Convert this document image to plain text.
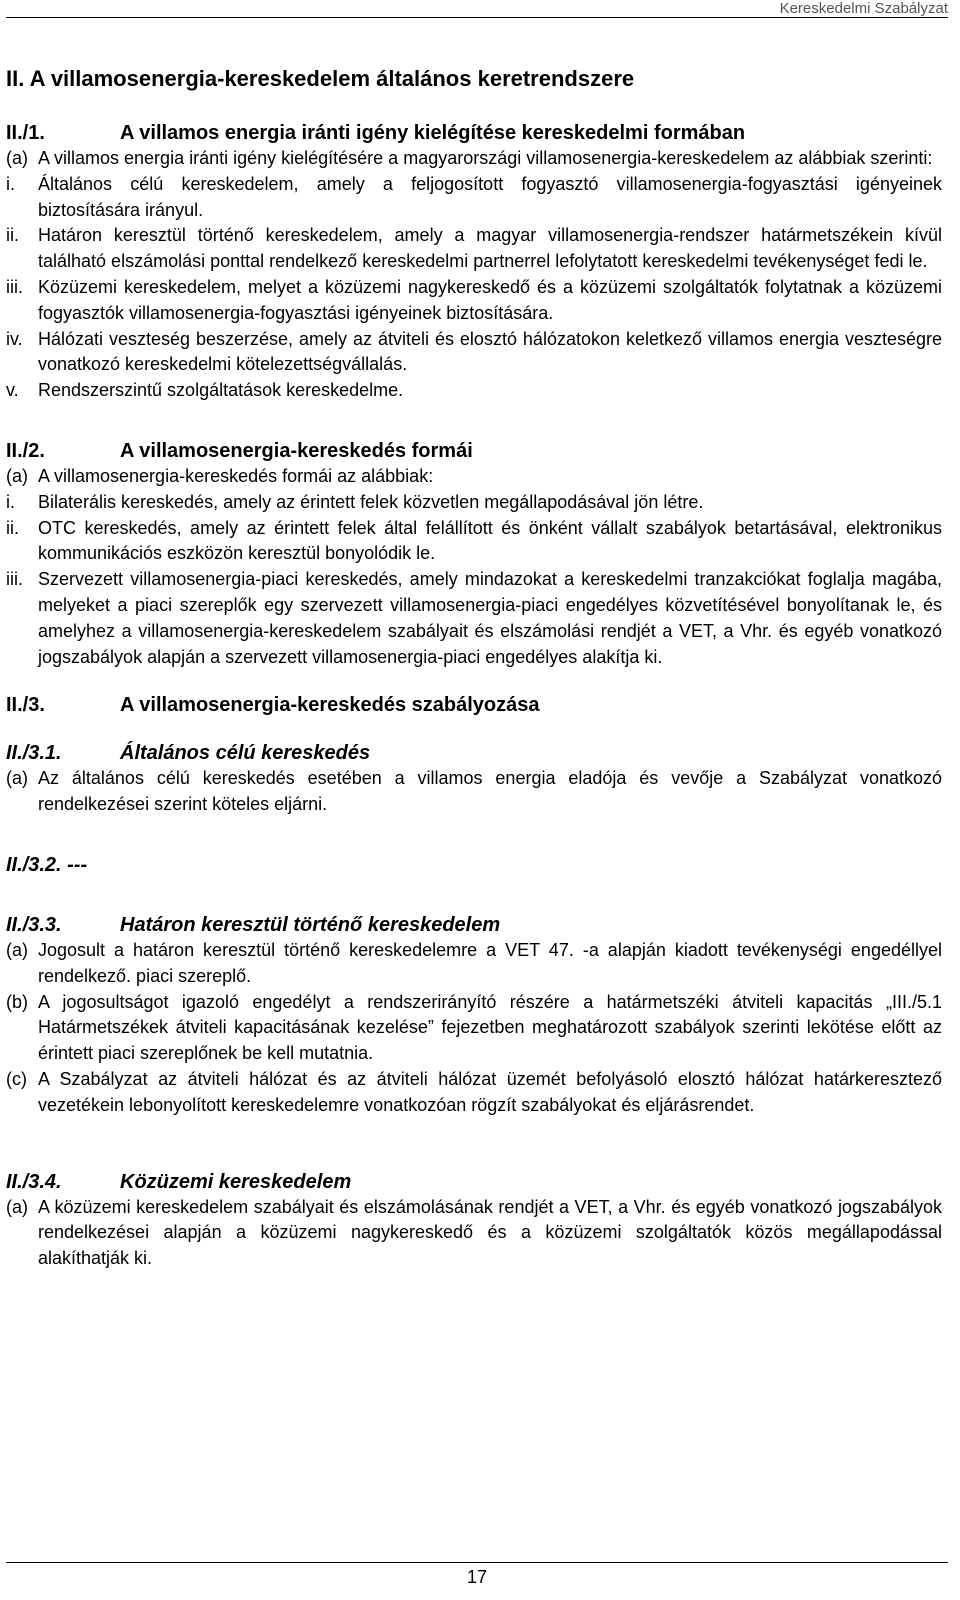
Kereskedelmi Szabályzat
II. A villamosenergia-kereskedelem általános keretrendszere
II./1.	A villamos energia iránti igény kielégítése kereskedelmi formában
(a) A villamos energia iránti igény kielégítésére a magyarországi villamosenergia-kereskedelem az alábbiak szerinti:
i.	Általános célú kereskedelem, amely a feljogosított fogyasztó villamosenergia-fogyasztási igényeinek biztosítására irányul.
ii.	Határon keresztül történő kereskedelem, amely a magyar villamosenergia-rendszer határmetszékein kívül található elszámolási ponttal rendelkező kereskedelmi partnerrel lefolytatott kereskedelmi tevékenységet fedi le.
iii. Közüzemi kereskedelem, melyet a közüzemi nagykereskedő és a közüzemi szolgáltatók folytatnak a közüzemi fogyasztók villamosenergia-fogyasztási igényeinek biztosítására.
iv. Hálózati veszteség beszerzése, amely az átviteli és elosztó hálózatokon keletkező villamos energia veszteségre vonatkozó kereskedelmi kötelezettségvállalás.
v.	Rendszerszintű szolgáltatások kereskedelme.
II./2.	A villamosenergia-kereskedés formái
(a) A villamosenergia-kereskedés formái az alábbiak:
i.	Bilaterális kereskedés, amely az érintett felek közvetlen megállapodásával jön létre.
ii.	OTC kereskedés, amely az érintett felek által felállított és önként vállalt szabályok betartásával, elektronikus kommunikációs eszközön keresztül bonyolódik le.
iii. Szervezett villamosenergia-piaci kereskedés, amely mindazokat a kereskedelmi tranzakciókat foglalja magába, melyeket a piaci szereplők egy szervezett villamosenergia-piaci engedélyes közvetítésével bonyolítanak le, és amelyhez a villamosenergia-kereskedelem szabályait és elszámolási rendjét a VET, a Vhr. és egyéb vonatkozó jogszabályok alapján a szervezett villamosenergia-piaci engedélyes alakítja ki.
II./3.	A villamosenergia-kereskedés szabályozása
II./3.1.	Általános célú kereskedés
(a) Az általános célú kereskedés esetében a villamos energia eladója és vevője a Szabályzat vonatkozó rendelkezései szerint köteles eljárni.
II./3.2. ---
II./3.3.	Határon keresztül történő kereskedelem
(a) Jogosult a határon keresztül történő kereskedelemre a VET 47. -a alapján kiadott tevékenységi engedéllyel rendelkező. piaci szereplő.
(b) A jogosultságot igazoló engedélyt a rendszerirányító részére a határmetszéki átviteli kapacitás „III./5.1 Határmetszékek átviteli kapacitásának kezelése” fejezetben meghatározott szabályok szerinti lekötése előtt az érintett piaci szereplőnek be kell mutatnia.
(c) A Szabályzat az átviteli hálózat és az átviteli hálózat üzemét befolyásoló elosztó hálózat határkeresztező vezetékein lebonyolított kereskedelemre vonatkozóan rögzít szabályokat és eljárásrendet.
II./3.4.	Közüzemi kereskedelem
(a) A közüzemi kereskedelem szabályait és elszámolásának rendjét a VET, a Vhr. és egyéb vonatkozó jogszabályok rendelkezései alapján a közüzemi nagykereskedő és a közüzemi szolgáltatók közös megállapodással alakíthatják ki.
17
